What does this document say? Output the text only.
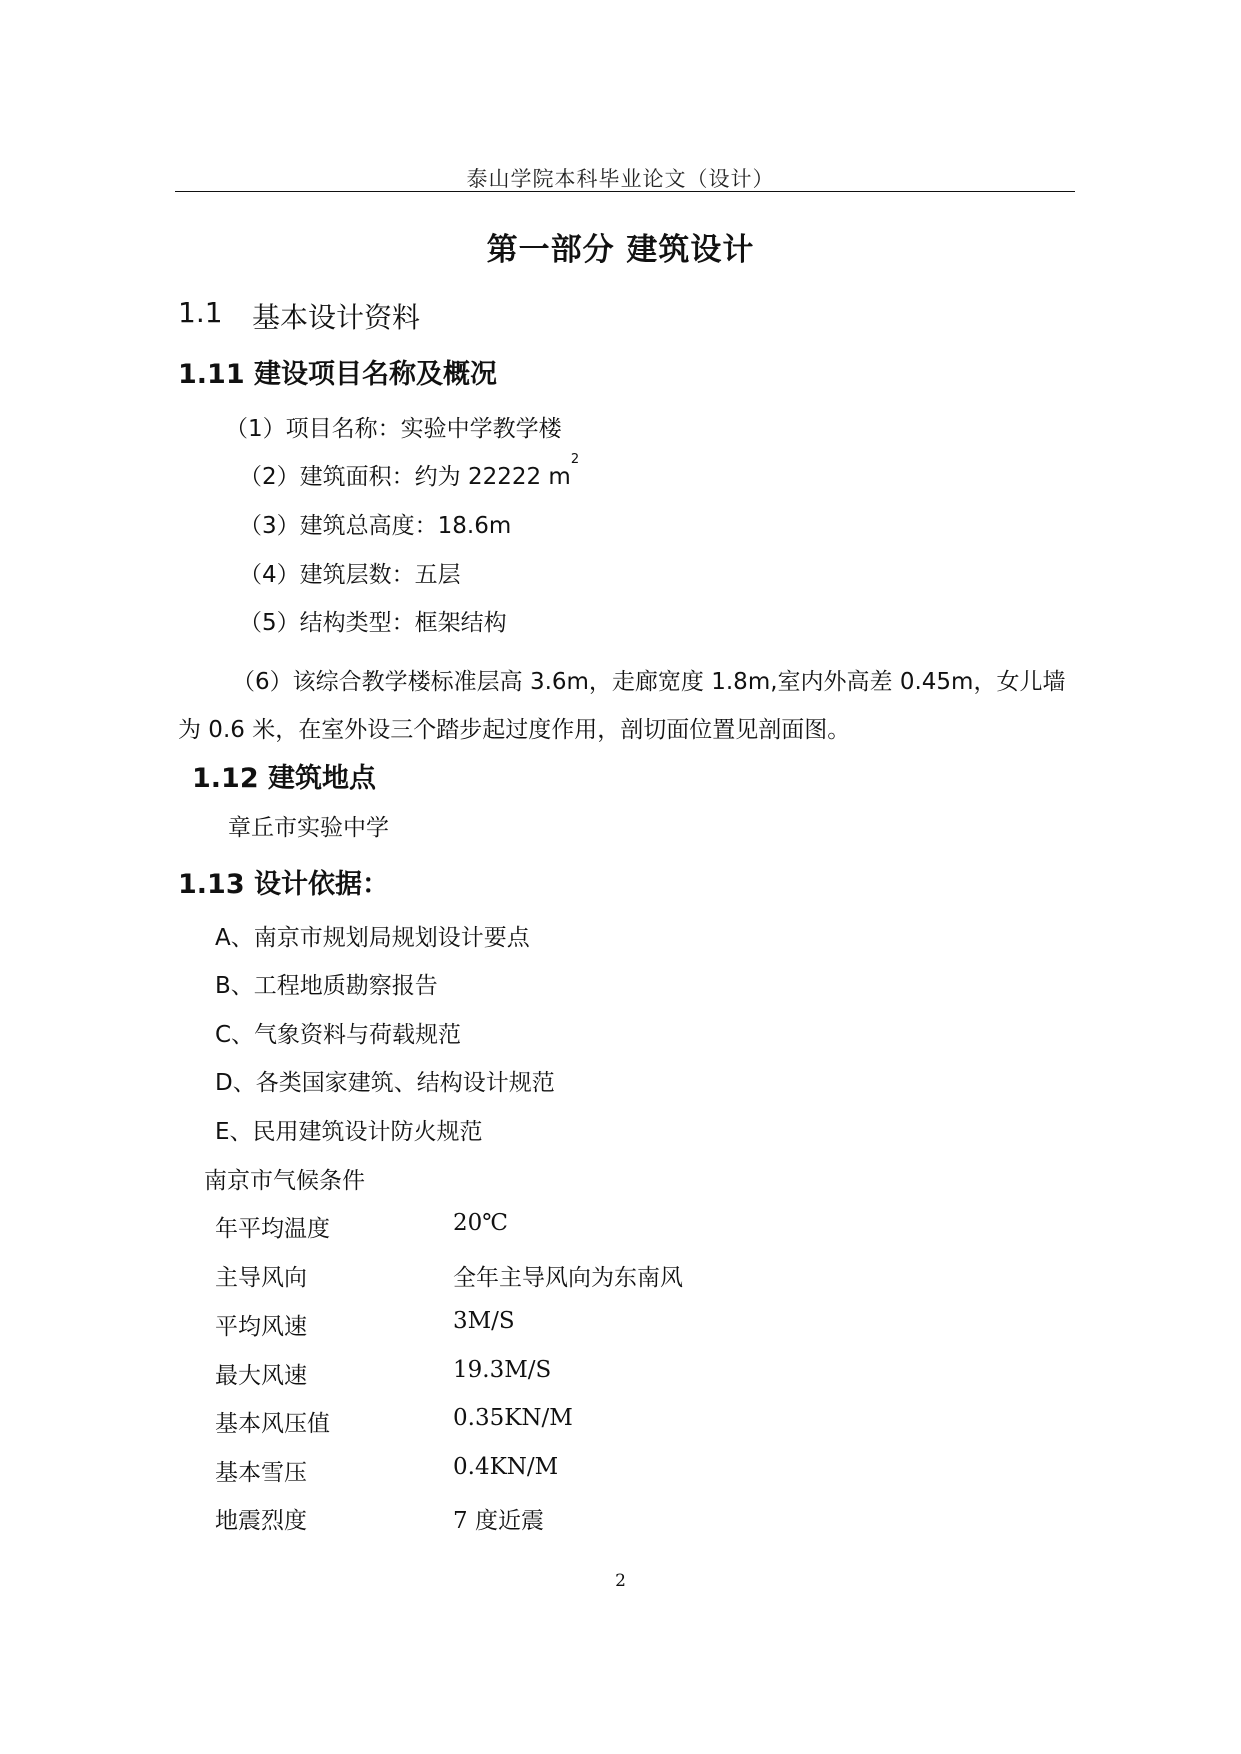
泰山学院本科毕业论文（设计）
第一部分 建筑设计
1.1 基本设计资料
1.11 建设项目名称及概况
（1）项目名称：实验中学教学楼
（2）建筑面积：约为 22222 $m^2$
（3）建筑总高度：18.6m
（4）建筑层数：五层
（5）结构类型：框架结构
（6）该综合教学楼标准层高 3.6m，走廊宽度 1.8m,室内外高差 0.45m，女儿墙为 0.6 米，在室外设三个踏步起过度作用，剖切面位置见剖面图。
1.12 建筑地点
章丘市实验中学
1.13 设计依据：
A、南京市规划局规划设计要点
B、工程地质勘察报告
C、气象资料与荷载规范
D、各类国家建筑、结构设计规范
E、民用建筑设计防火规范
南京市气候条件
年平均温度	20℃
主导风向	全年主导风向为东南风
平均风速	3M/S
最大风速	19.3M/S
基本风压值	0.35KN/M
基本雪压	0.4KN/M
地震烈度	7 度近震
2
